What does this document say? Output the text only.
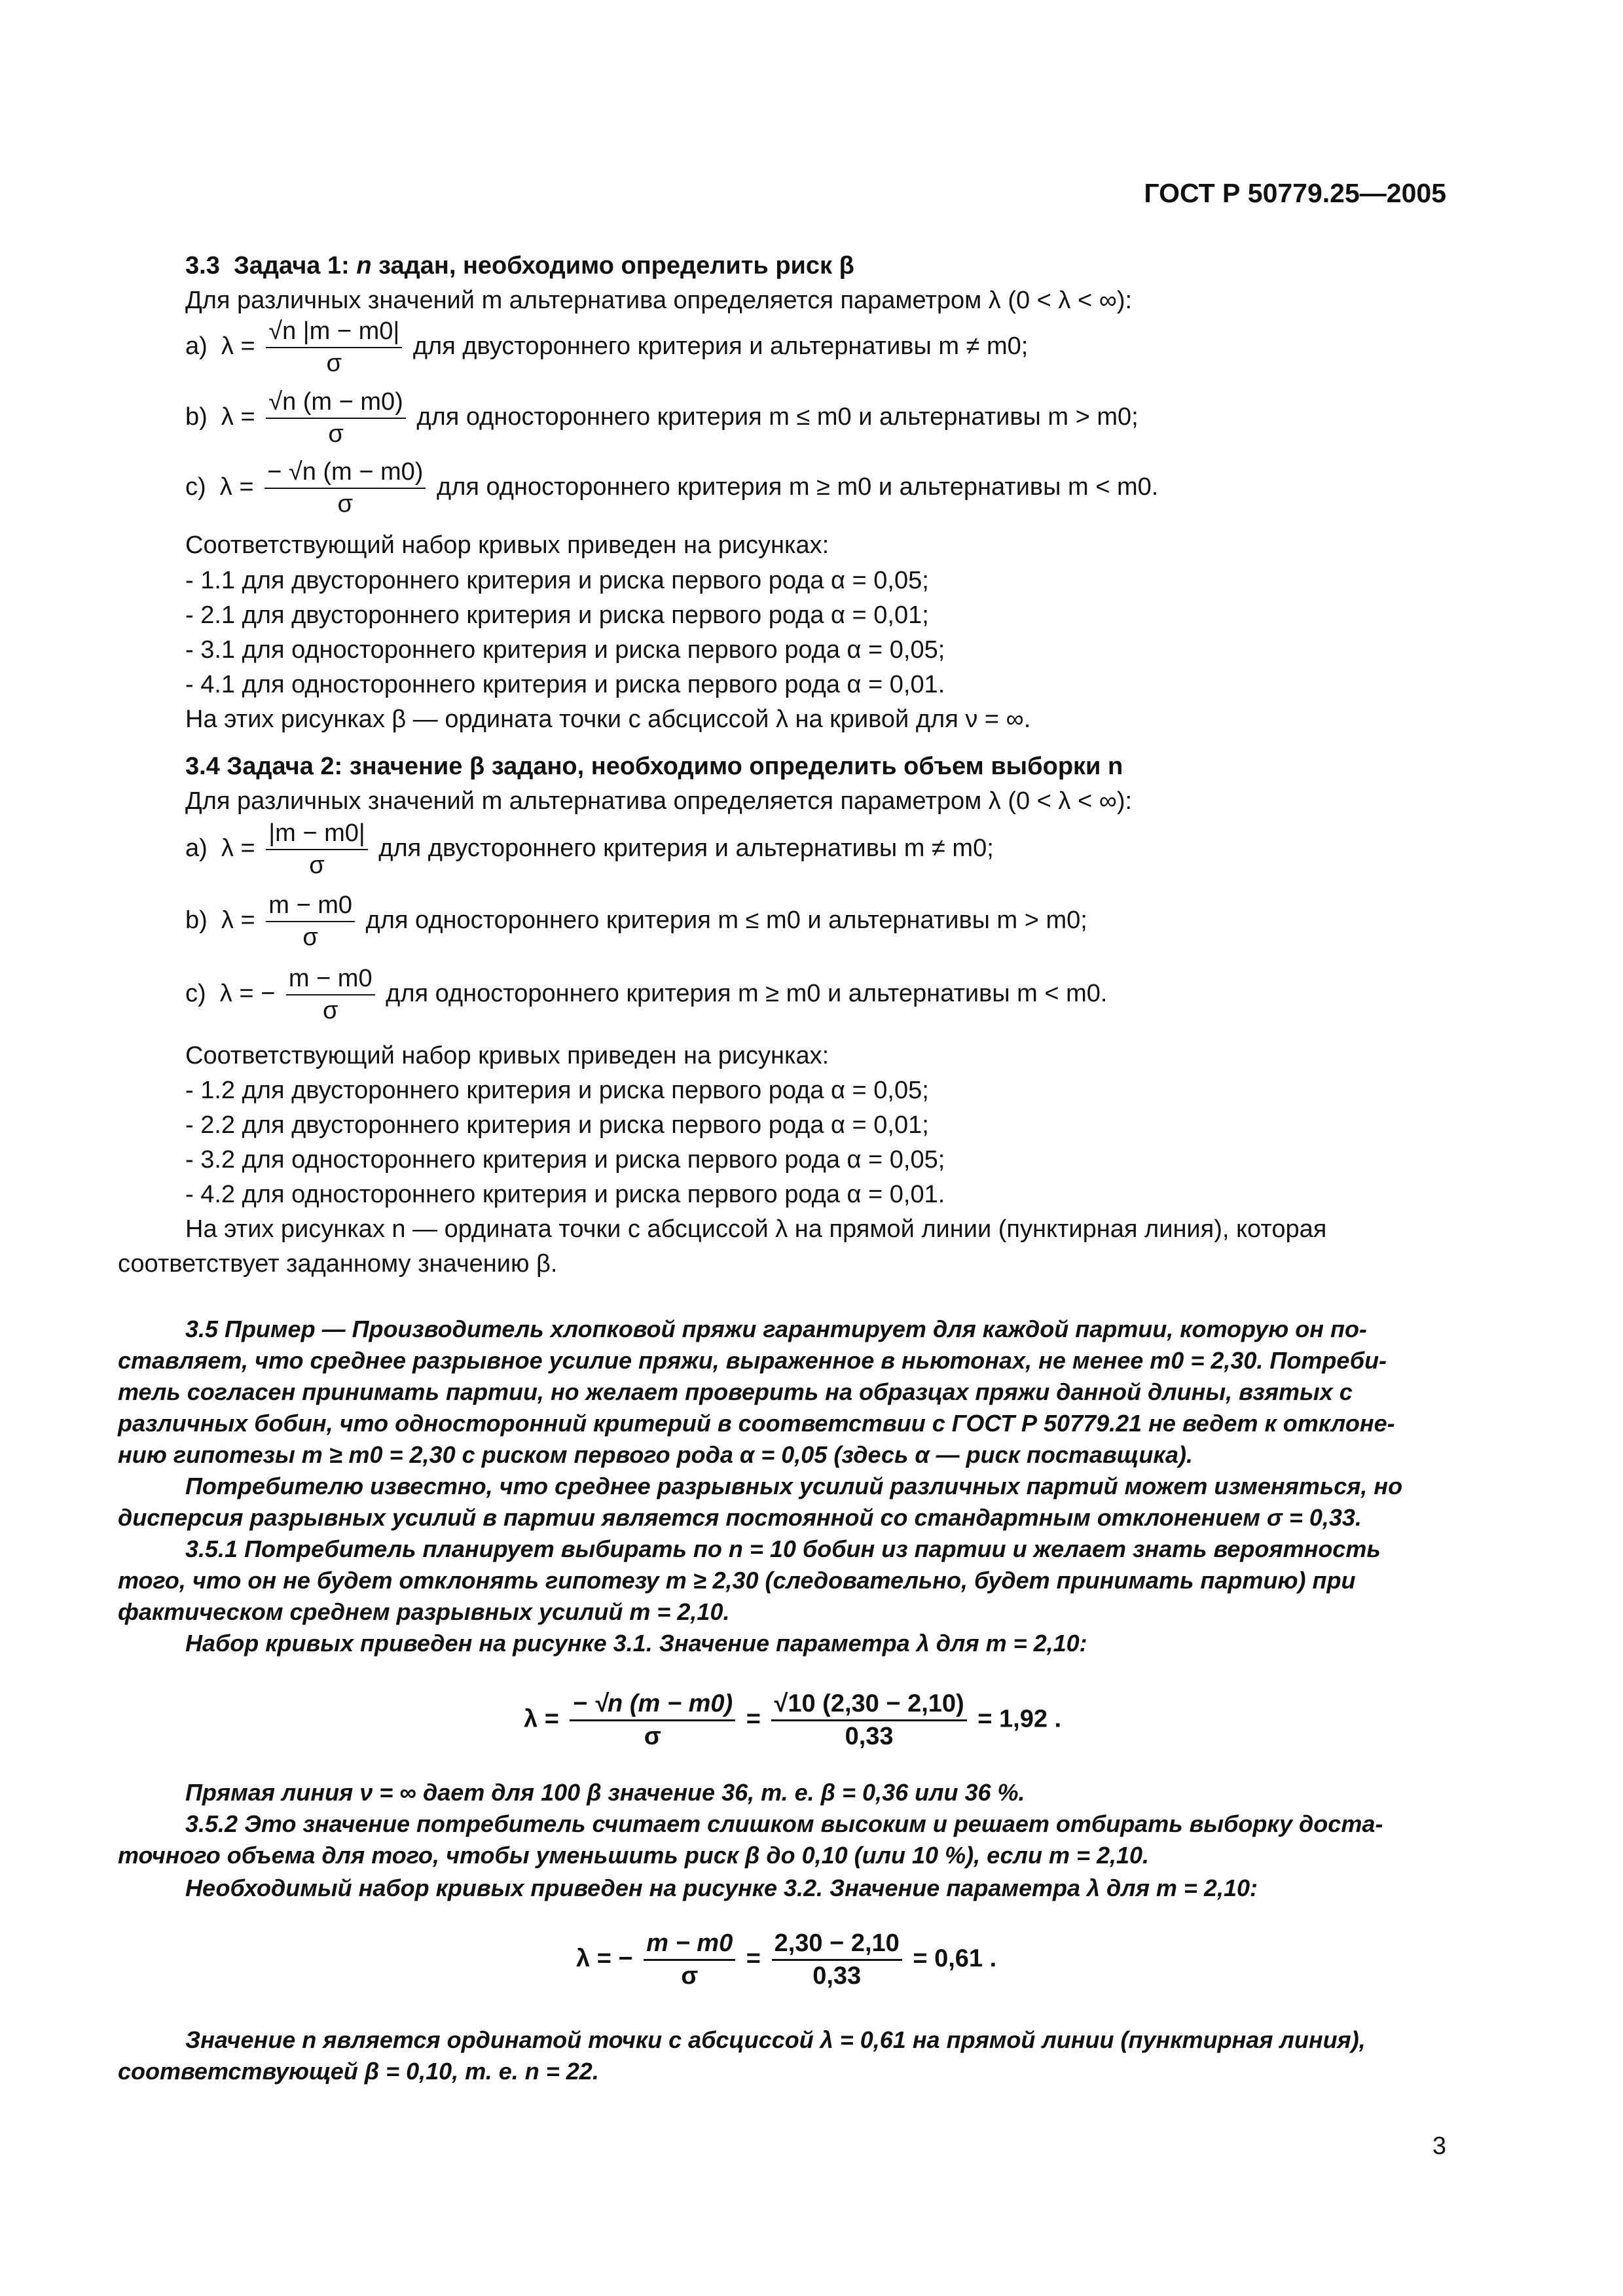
ГОСТ Р 50779.25—2005
3.3 Задача 1: n задан, необходимо определить риск β
Для различных значений m альтернатива определяется параметром λ (0 < λ < ∞):
а) $\lambda = \frac{√n |m - m0|}{\sigma}$ для двустороннего критерия и альтернативы m ≠ m0;
b) $\lambda = \frac{√n (m - m0)}{\sigma}$ для одностороннего критерия m ≤ m0 и альтернативы m > m0;
c) $\lambda = \frac{- √n (m - m0)}{\sigma}$ для одностороннего критерия m ≥ m0 и альтернативы m < m0.
Соответствующий набор кривых приведен на рисунках:
- 1.1 для двустороннего критерия и риска первого рода α = 0,05;
- 2.1 для двустороннего критерия и риска первого рода α = 0,01;
- 3.1 для одностороннего критерия и риска первого рода α = 0,05;
- 4.1 для одностороннего критерия и риска первого рода α = 0,01.
На этих рисунках β — ордината точки с абсциссой λ на кривой для ν = ∞.
3.4 Задача 2: значение β задано, необходимо определить объем выборки n
Для различных значений m альтернатива определяется параметром λ (0 < λ < ∞):
а) $\lambda = \frac{|m - m0|}{\sigma}$ для двустороннего критерия и альтернативы m ≠ m0;
b) $\lambda = \frac{m - m0}{\sigma}$ для одностороннего критерия m ≤ m0 и альтернативы m > m0;
c) λ = − $\frac{m - m0}{\sigma}$ для одностороннего критерия m ≥ m0 и альтернативы m < m0.
Соответствующий набор кривых приведен на рисунках:
- 1.2 для двустороннего критерия и риска первого рода α = 0,05;
- 2.2 для двустороннего критерия и риска первого рода α = 0,01;
- 3.2 для одностороннего критерия и риска первого рода α = 0,05;
- 4.2 для одностороннего критерия и риска первого рода α = 0,01.
На этих рисунках n — ордината точки с абсциссой λ на прямой линии (пунктирная линия), которая
соответствует заданному значению β.
3.5 Пример — Производитель хлопковой пряжи гарантирует для каждой партии, которую он по-
ставляет, что среднее разрывное усилие пряжи, выраженное в ньютонах, не менее m0 = 2,30. Потреби-
тель согласен принимать партии, но желает проверить на образцах пряжи данной длины, взятых с
различных бобин, что односторонний критерий в соответствии с ГОСТ Р 50779.21 не ведет к отклоне-
нию гипотезы m ≥ m0 = 2,30 с риском первого рода α = 0,05 (здесь α — риск поставщика).
Потребителю известно, что среднее разрывных усилий различных партий может изменяться, но
дисперсия разрывных усилий в партии является постоянной со стандартным отклонением σ = 0,33.
3.5.1 Потребитель планирует выбирать по n = 10 бобин из партии и желает знать вероятность
того, что он не будет отклонять гипотезу m ≥ 2,30 (следовательно, будет принимать партию) при
фактическом среднем разрывных усилий m = 2,10.
Набор кривых приведен на рисунке 3.1. Значение параметра λ для m = 2,10:
$\lambda = \frac{- √n (m - m0)}{\sigma} = \frac{√10 (2,30 - 2,10)}{0,33} = 1,92$ .
Прямая линия ν = ∞ дает для 100 β значение 36, т. е. β = 0,36 или 36 %.
3.5.2 Это значение потребитель считает слишком высоким и решает отбирать выборку доста-
точного объема для того, чтобы уменьшить риск β до 0,10 (или 10 %), если m = 2,10.
Необходимый набор кривых приведен на рисунке 3.2. Значение параметра λ для m = 2,10:
λ = − $\frac{m - m0}{\sigma} = \frac{2,30 - 2,10}{0,33} = 0,61$ .
Значение n является ординатой точки с абсциссой λ = 0,61 на прямой линии (пунктирная линия),
соответствующей β = 0,10, т. е. n = 22.
3
